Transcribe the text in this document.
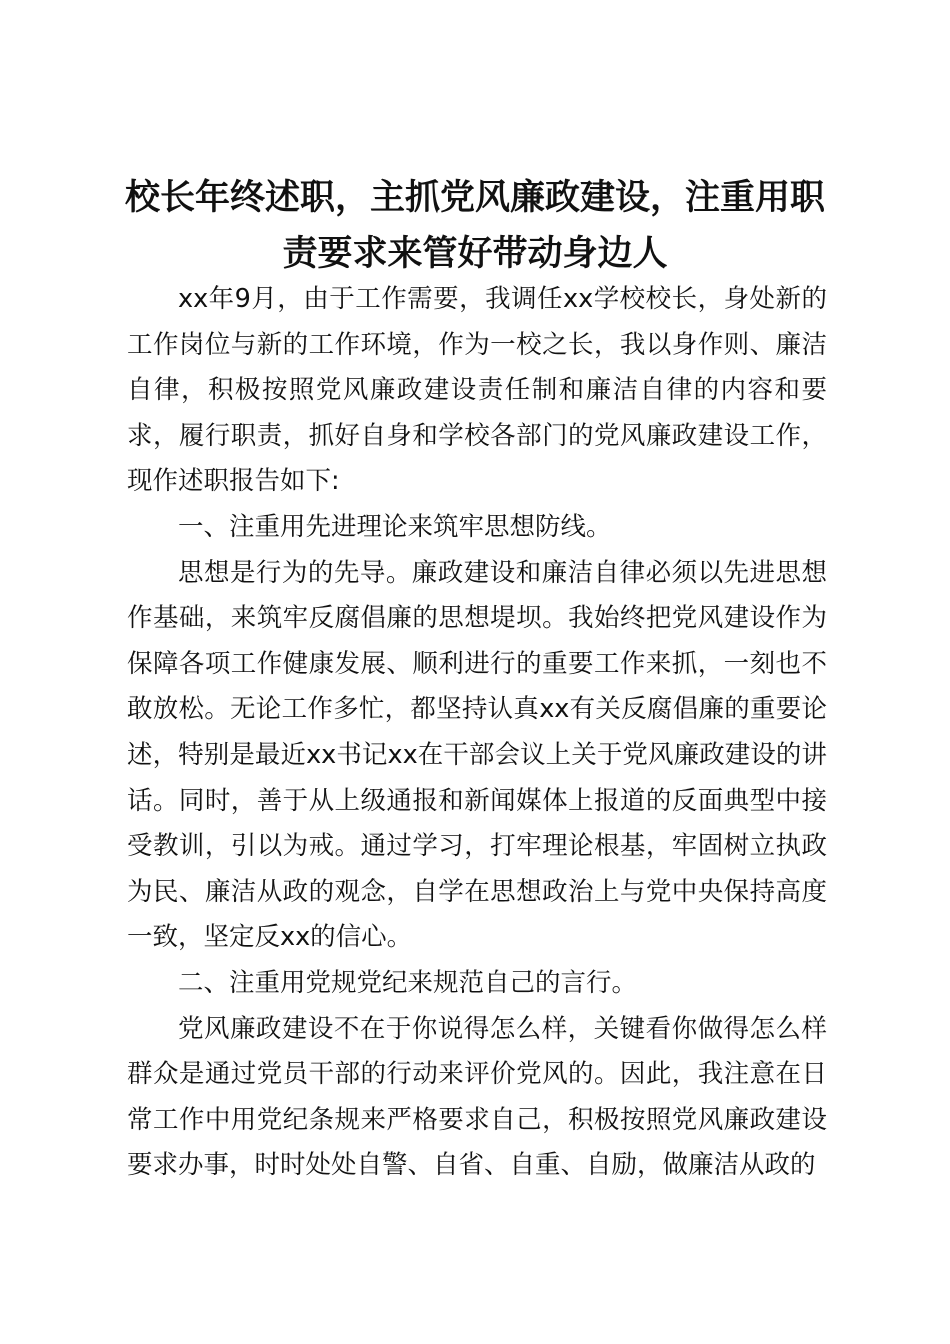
校长年终述职，主抓党风廉政建设，注重用职
责要求来管好带动身边人

xx年9月，由于工作需要，我调任xx学校校长，身处新的工作岗位与新的工作环境，作为一校之长，我以身作则、廉洁自律，积极按照党风廉政建设责任制和廉洁自律的内容和要求，履行职责，抓好自身和学校各部门的党风廉政建设工作，现作述职报告如下:

一、注重用先进理论来筑牢思想防线。

思想是行为的先导。廉政建设和廉洁自律必须以先进思想作基础，来筑牢反腐倡廉的思想堤坝。我始终把党风建设作为保障各项工作健康发展、顺利进行的重要工作来抓，一刻也不敢放松。无论工作多忙，都坚持认真xx有关反腐倡廉的重要论述，特别是最近xx书记xx在干部会议上关于党风廉政建设的讲话。同时，善于从上级通报和新闻媒体上报道的反面典型中接受教训，引以为戒。通过学习，打牢理论根基，牢固树立执政为民、廉洁从政的观念，自学在思想政治上与党中央保持高度一致，坚定反xx的信心。

二、注重用党规党纪来规范自己的言行。

党风廉政建设不在于你说得怎么样，关键看你做得怎么样群众是通过党员干部的行动来评价党风的。因此，我注意在日常工作中用党纪条规来严格要求自己，积极按照党风廉政建设要求办事，时时处处自警、自省、自重、自励，做廉洁从政的
